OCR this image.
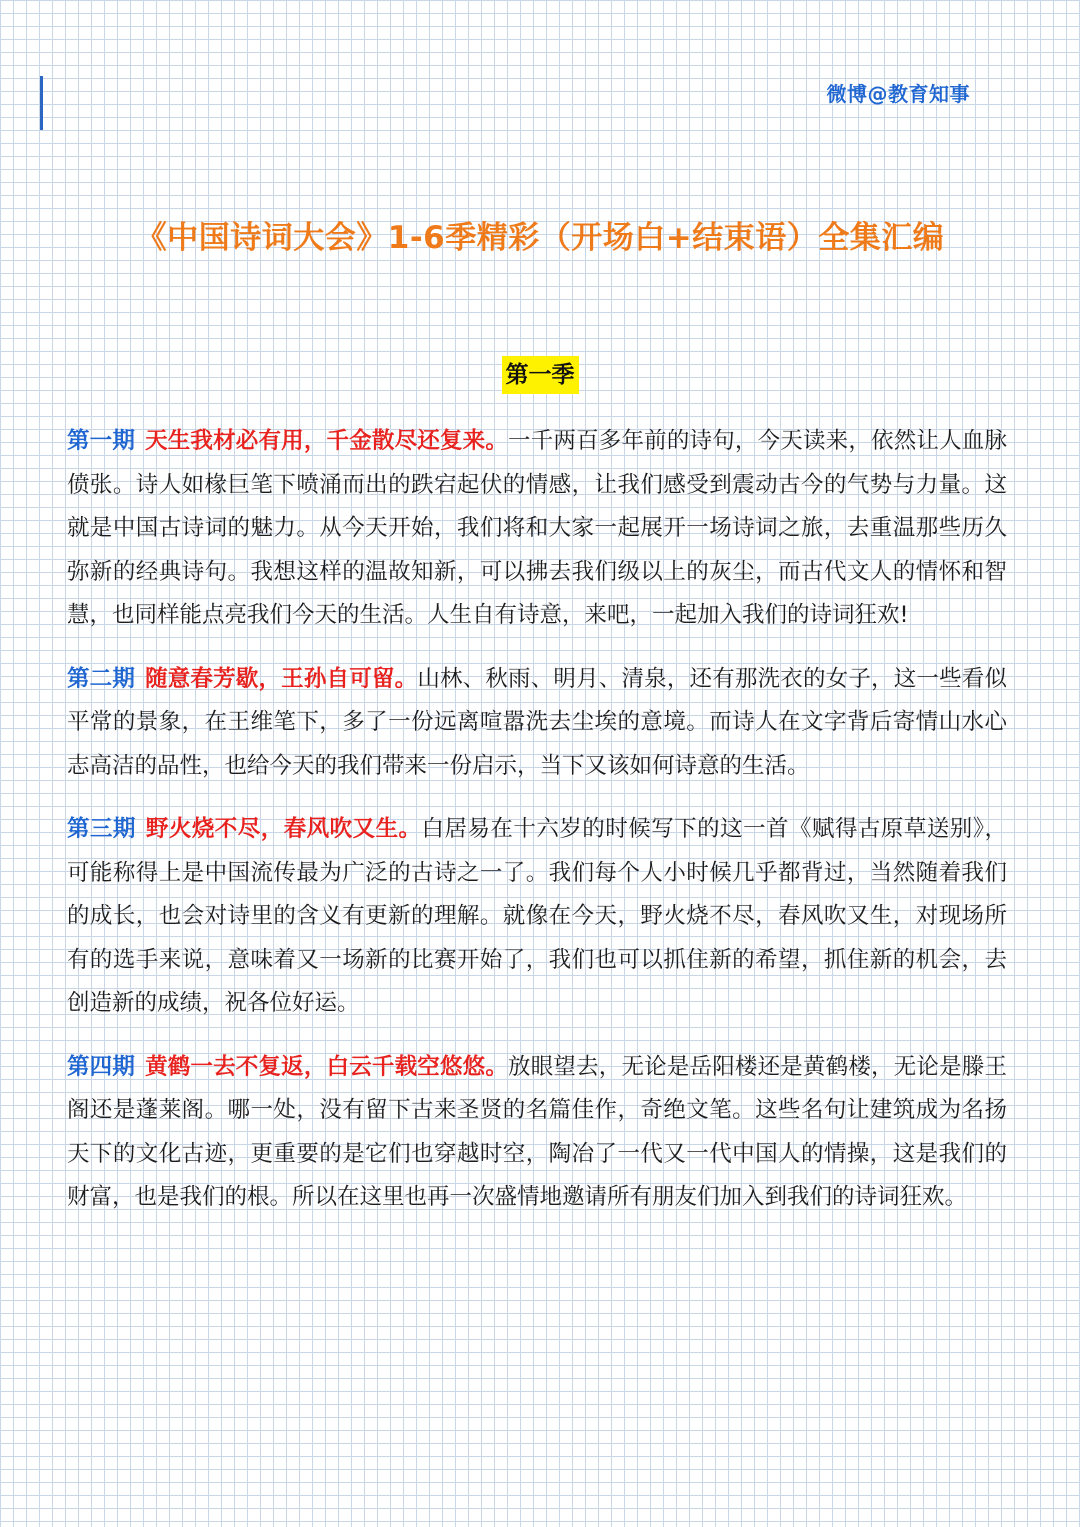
微博@教育知事
《中国诗词大会》1-6季精彩（开场白+结束语）全集汇编
第一季

第一期 天生我材必有用，千金散尽还复来。一千两百多年前的诗句，今天读来，依然让人血脉偾张。诗人如椽巨笔下喷涌而出的跌宕起伏的情感，让我们感受到震动古今的气势与力量。这就是中国古诗词的魅力。从今天开始，我们将和大家一起展开一场诗词之旅，去重温那些历久弥新的经典诗句。我想这样的温故知新，可以拂去我们级以上的灰尘，而古代文人的情怀和智慧，也同样能点亮我们今天的生活。人生自有诗意，来吧，一起加入我们的诗词狂欢!

第二期 随意春芳歇，王孙自可留。山林、秋雨、明月、清泉，还有那洗衣的女子，这一些看似平常的景象，在王维笔下，多了一份远离喧嚣洗去尘埃的意境。而诗人在文字背后寄情山水心志高洁的品性，也给今天的我们带来一份启示，当下又该如何诗意的生活。

第三期 野火烧不尽，春风吹又生。白居易在十六岁的时候写下的这一首《赋得古原草送别》，可能称得上是中国流传最为广泛的古诗之一了。我们每个人小时候几乎都背过，当然随着我们的成长，也会对诗里的含义有更新的理解。就像在今天，野火烧不尽，春风吹又生，对现场所有的选手来说，意味着又一场新的比赛开始了，我们也可以抓住新的希望，抓住新的机会，去创造新的成绩，祝各位好运。

第四期 黄鹤一去不复返，白云千载空悠悠。放眼望去，无论是岳阳楼还是黄鹤楼，无论是滕王阁还是蓬莱阁。哪一处，没有留下古来圣贤的名篇佳作，奇绝文笔。这些名句让建筑成为名扬天下的文化古迹，更重要的是它们也穿越时空，陶冶了一代又一代中国人的情操，这是我们的财富，也是我们的根。所以在这里也再一次盛情地邀请所有朋友们加入到我们的诗词狂欢。
